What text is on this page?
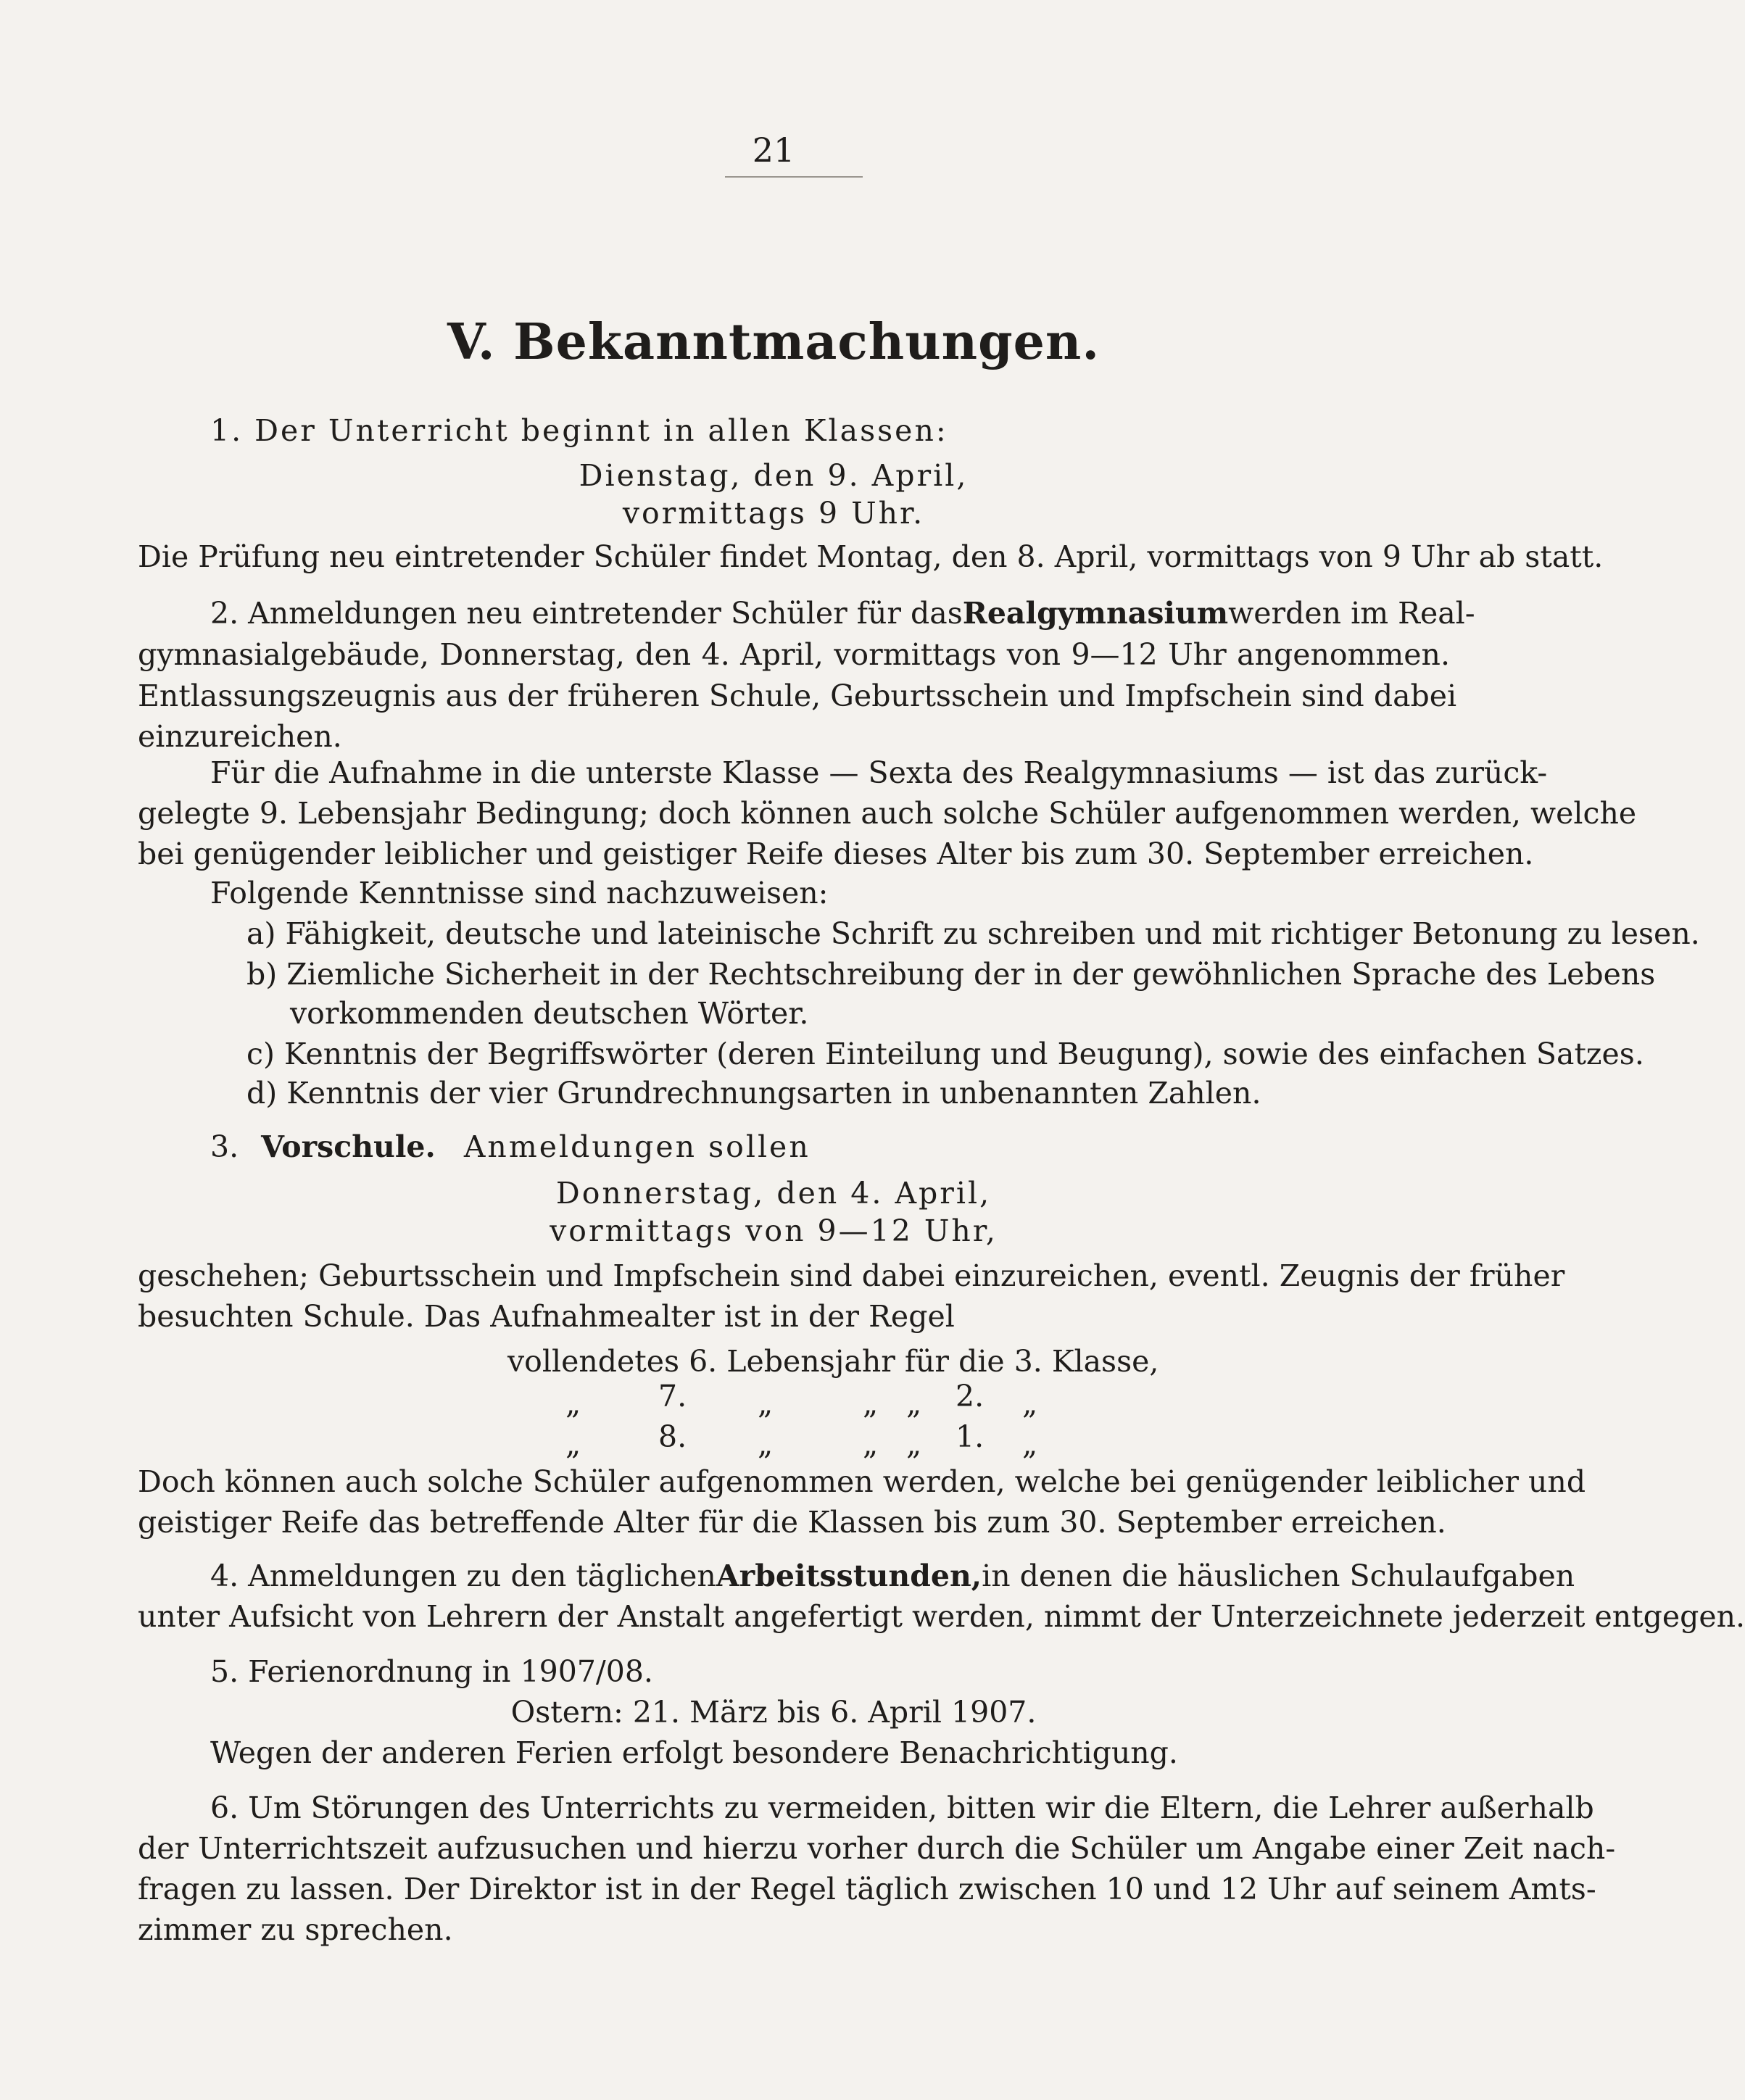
21
V. Bekanntmachungen.
1. Der Unterricht beginnt in allen Klassen:
Dienstag, den 9. April,
vormittags 9 Uhr.
Die Prüfung neu eintretender Schüler findet Montag, den 8. April, vormittags von 9 Uhr ab statt.
2. Anmeldungen neu eintretender Schüler für das Realgymnasium werden im Real-
gymnasialgebäude, Donnerstag, den 4. April, vormittags von 9—12 Uhr angenommen.
Entlassungszeugnis aus der früheren Schule, Geburtsschein und Impfschein sind dabei
einzureichen.
Für die Aufnahme in die unterste Klasse — Sexta des Realgymnasiums — ist das zurück-
gelegte 9. Lebensjahr Bedingung; doch können auch solche Schüler aufgenommen werden, welche
bei genügender leiblicher und geistiger Reife dieses Alter bis zum 30. September erreichen.
Folgende Kenntnisse sind nachzuweisen:
a) Fähigkeit, deutsche und lateinische Schrift zu schreiben und mit richtiger Betonung zu lesen.
b) Ziemliche Sicherheit in der Rechtschreibung der in der gewöhnlichen Sprache des Lebens
vorkommenden deutschen Wörter.
c) Kenntnis der Begriffswörter (deren Einteilung und Beugung), sowie des einfachen Satzes.
d) Kenntnis der vier Grundrechnungsarten in unbenannten Zahlen.
3. Vorschule. Anmeldungen sollen
Donnerstag, den 4. April,
vormittags von 9—12 Uhr,
geschehen; Geburtsschein und Impfschein sind dabei einzureichen, eventl. Zeugnis der früher
besuchten Schule. Das Aufnahmealter ist in der Regel
vollendetes 6. Lebensjahr für die 3. Klasse,
„	7. „	„ „ 2. „
„	8. „	„ „ 1. „
Doch können auch solche Schüler aufgenommen werden, welche bei genügender leiblicher und
geistiger Reife das betreffende Alter für die Klassen bis zum 30. September erreichen.
4. Anmeldungen zu den täglichen Arbeitsstunden, in denen die häuslichen Schulaufgaben
unter Aufsicht von Lehrern der Anstalt angefertigt werden, nimmt der Unterzeichnete jederzeit entgegen.
5. Ferienordnung in 1907/08.
Ostern: 21. März bis 6. April 1907.
Wegen der anderen Ferien erfolgt besondere Benachrichtigung.
6. Um Störungen des Unterrichts zu vermeiden, bitten wir die Eltern, die Lehrer außerhalb
der Unterrichtszeit aufzusuchen und hierzu vorher durch die Schüler um Angabe einer Zeit nach-
fragen zu lassen. Der Direktor ist in der Regel täglich zwischen 10 und 12 Uhr auf seinem Amts-
zimmer zu sprechen.
